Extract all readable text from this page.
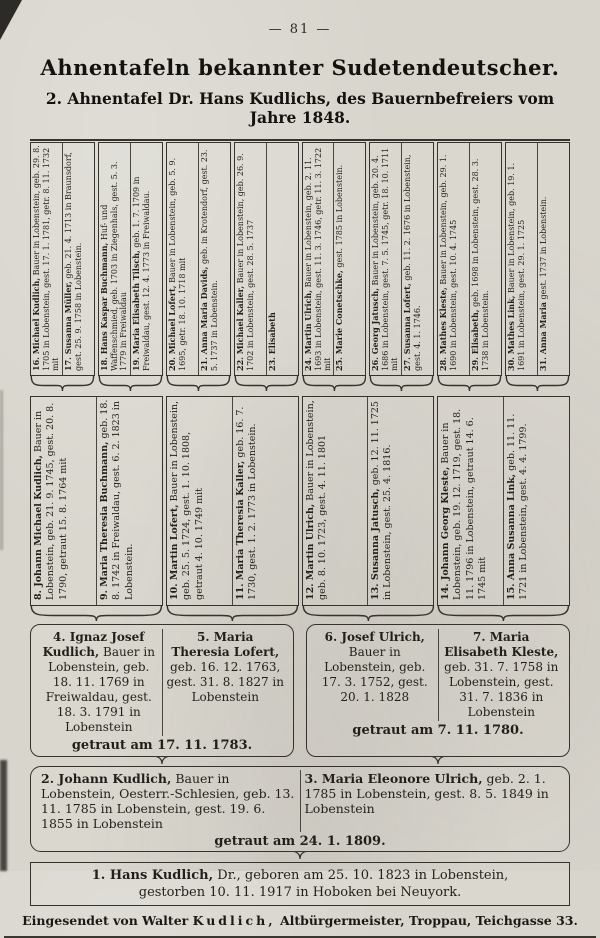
— 81 —
Ahnentafeln bekannter Sudetendeutscher.
2. Ahnentafel Dr. Hans Kudlichs, des Bauernbefreiers vom Jahre 1848.
16. Michael Kudlich, Bauer in Lobenstein, geb. 29. 8. 1705 in Lobenstein, gest. 17. 1. 1781, getr. 8. 11. 1732 mit 17. Susanna Müller, geb. 21. 4. 1713 in Braunsdorf, gest. 25. 9. 1758 in Lobenstein.	18. Hans Kaspar Buchmann, Huf- und Waffenschmied, geb. 1703 in Ziegenhals, gest. 5. 3. 1779 in Freiwaldau 19. Maria Elisabeth Tilsch, geb. 1. 7. 1709 in Freiwaldau, gest. 12. 4. 1773 in Freiwaldau.	20. Michael Lofert, Bauer in Lobenstein, geb. 5. 9. 1695, getr. 18. 10. 1718 mit	21. Anna Maria Davids, geb. in Krotendorf, gest. 23. 5. 1737 in Lobenstein.	22. Michael Kaller, Bauer in Lobenstein, geb. 26. 9. 1702 in Lobenstein, gest. 28. 5. 1737	23. Elisabeth	24. Martin Ulrich, Bauer in Lobenstein, geb. 2. 11. 1693 in Lobenstein, gest. 11. 3. 1746, getr. 11. 3. 1722 mit 25. Marie Conetschke, gest. 1785 in Lobenstein.
26. Georg Jatusch, Bauer in Lobenstein, geb. 20. 4. 1686 in Lobenstein, gest. 7. 5. 1745, getr. 18. 10. 1711 mit 27. Susanna Lofert, geb. 11. 2. 1676 in Lobenstein, gest. 4. 1. 1746.	28. Mathes Kleste, Bauer in Lobenstein, geb. 29. 1. 1690 in Lobenstein, gest. 10. 4. 1745	29. Elisabeth, geb. 1698 in Lobenstein, gest. 28. 3. 1738 in Lobenstein.	30. Mathes Link, Bauer in Lobenstein, geb. 19. 1. 1691 in Lobenstein, gest. 29. 1. 1725	31. Anna Maria gest. 1737 in Lobenstein.
8. Johann Michael Kudlich, Bauer in Lobenstein, geb. 21. 9. 1745, gest. 20. 8. 1790, getraut 15. 8. 1764 mit	9. Maria Theresia Buchmann, geb. 18. 8. 1742 in Freiwaldau, gest. 6. 2. 1823 in Lobenstein.	10. Martin Lofert, Bauer in Lobenstein, geb. 25. 5. 1724, gest. 1. 10. 1808, getraut 4. 10. 1749 mit	11. Maria Theresia Kaller, geb. 16. 7. 1730, gest. 1. 2. 1773 in Lobenstein.	12. Martin Ulrich, Bauer in Lobenstein, geb. 8. 10. 1723, gest. 4. 11. 1801	13. Susanna Jatusch, geb. 12. 11. 1725 in Lobenstein, gest. 25. 4. 1816.	14. Johann Georg Kleste, Bauer in Lobenstein, geb. 19. 12. 1719, gest. 18. 11. 1796 in Lobenstein, getraut 14. 6. 1745 mit	15. Anna Susanna Link, geb. 11. 11. 1721 in Lobenstein, gest. 4. 4. 1799.
4. Ignaz Josef Kudlich, Bauer in Lobenstein, geb. 18. 11. 1769 in Freiwaldau, gest. 18. 3. 1791 in Lobenstein
5. Maria Theresia Lofert, geb. 16. 12. 1763, gest. 31. 8. 1827 in Lobenstein
getraut am 17. 11. 1783.
6. Josef Ulrich, Bauer in Lobenstein, geb. 17. 3. 1752, gest. 20. 1. 1828
7. Maria Elisabeth Kleste, geb. 31. 7. 1758 in Lobenstein, gest. 31. 7. 1836 in Lobenstein
getraut am 7. 11. 1780.
2. Johann Kudlich, Bauer in Lobenstein, Oesterr.-Schlesien, geb. 13. 11. 1785 in Lobenstein, gest. 19. 6. 1855 in Lobenstein
3. Maria Eleonore Ulrich, geb. 2. 1. 1785 in Lobenstein, gest. 8. 5. 1849 in Lobenstein
getraut am 24. 1. 1809.
1. Hans Kudlich, Dr., geboren am 25. 10. 1823 in Lobenstein,
gestorben 10. 11. 1917 in Hoboken bei Neuyork.
Eingesendet von Walter Kudlich, Altbürgermeister, Troppau, Teichgasse 33.
